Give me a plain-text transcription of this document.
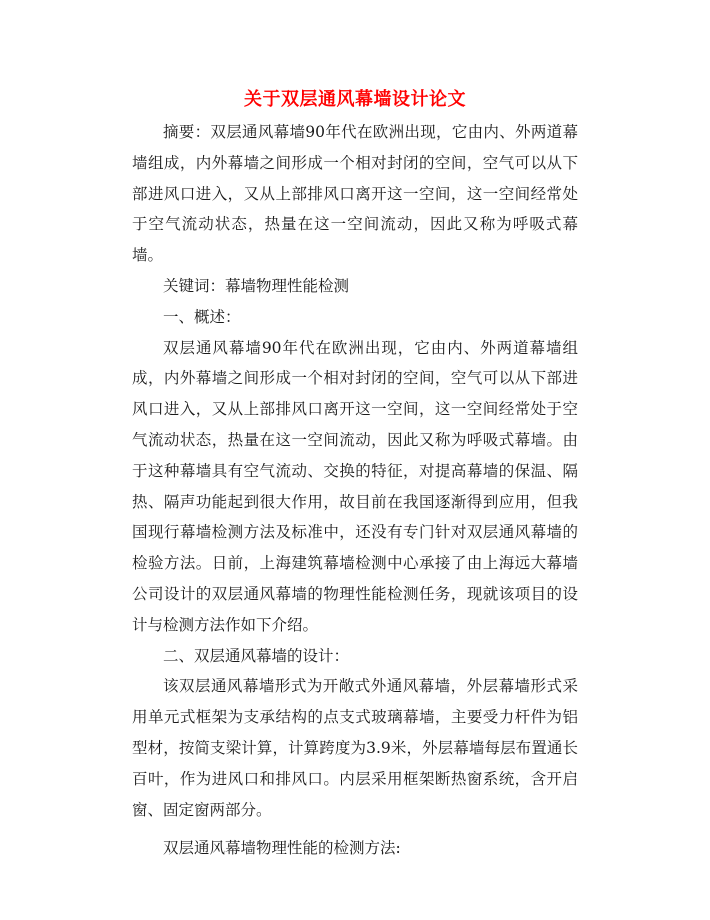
关于双层通风幕墙设计论文

摘要：双层通风幕墙90年代在欧洲出现，它由内、外两道幕墙组成，内外幕墙之间形成一个相对封闭的空间，空气可以从下部进风口进入，又从上部排风口离开这一空间，这一空间经常处于空气流动状态，热量在这一空间流动，因此又称为呼吸式幕墙。

关键词：幕墙物理性能检测

一、概述：

双层通风幕墙90年代在欧洲出现，它由内、外两道幕墙组成，内外幕墙之间形成一个相对封闭的空间，空气可以从下部进风口进入，又从上部排风口离开这一空间，这一空间经常处于空气流动状态，热量在这一空间流动，因此又称为呼吸式幕墙。由于这种幕墙具有空气流动、交换的特征，对提高幕墙的保温、隔热、隔声功能起到很大作用，故目前在我国逐渐得到应用，但我国现行幕墙检测方法及标准中，还没有专门针对双层通风幕墙的检验方法。日前，上海建筑幕墙检测中心承接了由上海远大幕墙公司设计的双层通风幕墙的物理性能检测任务，现就该项目的设计与检测方法作如下介绍。

二、双层通风幕墙的设计：

该双层通风幕墙形式为开敞式外通风幕墙，外层幕墙形式采用单元式框架为支承结构的点支式玻璃幕墙，主要受力杆件为铝型材，按简支梁计算，计算跨度为3.9米，外层幕墙每层布置通长百叶，作为进风口和排风口。内层采用框架断热窗系统，含开启窗、固定窗两部分。

双层通风幕墙物理性能的检测方法:
